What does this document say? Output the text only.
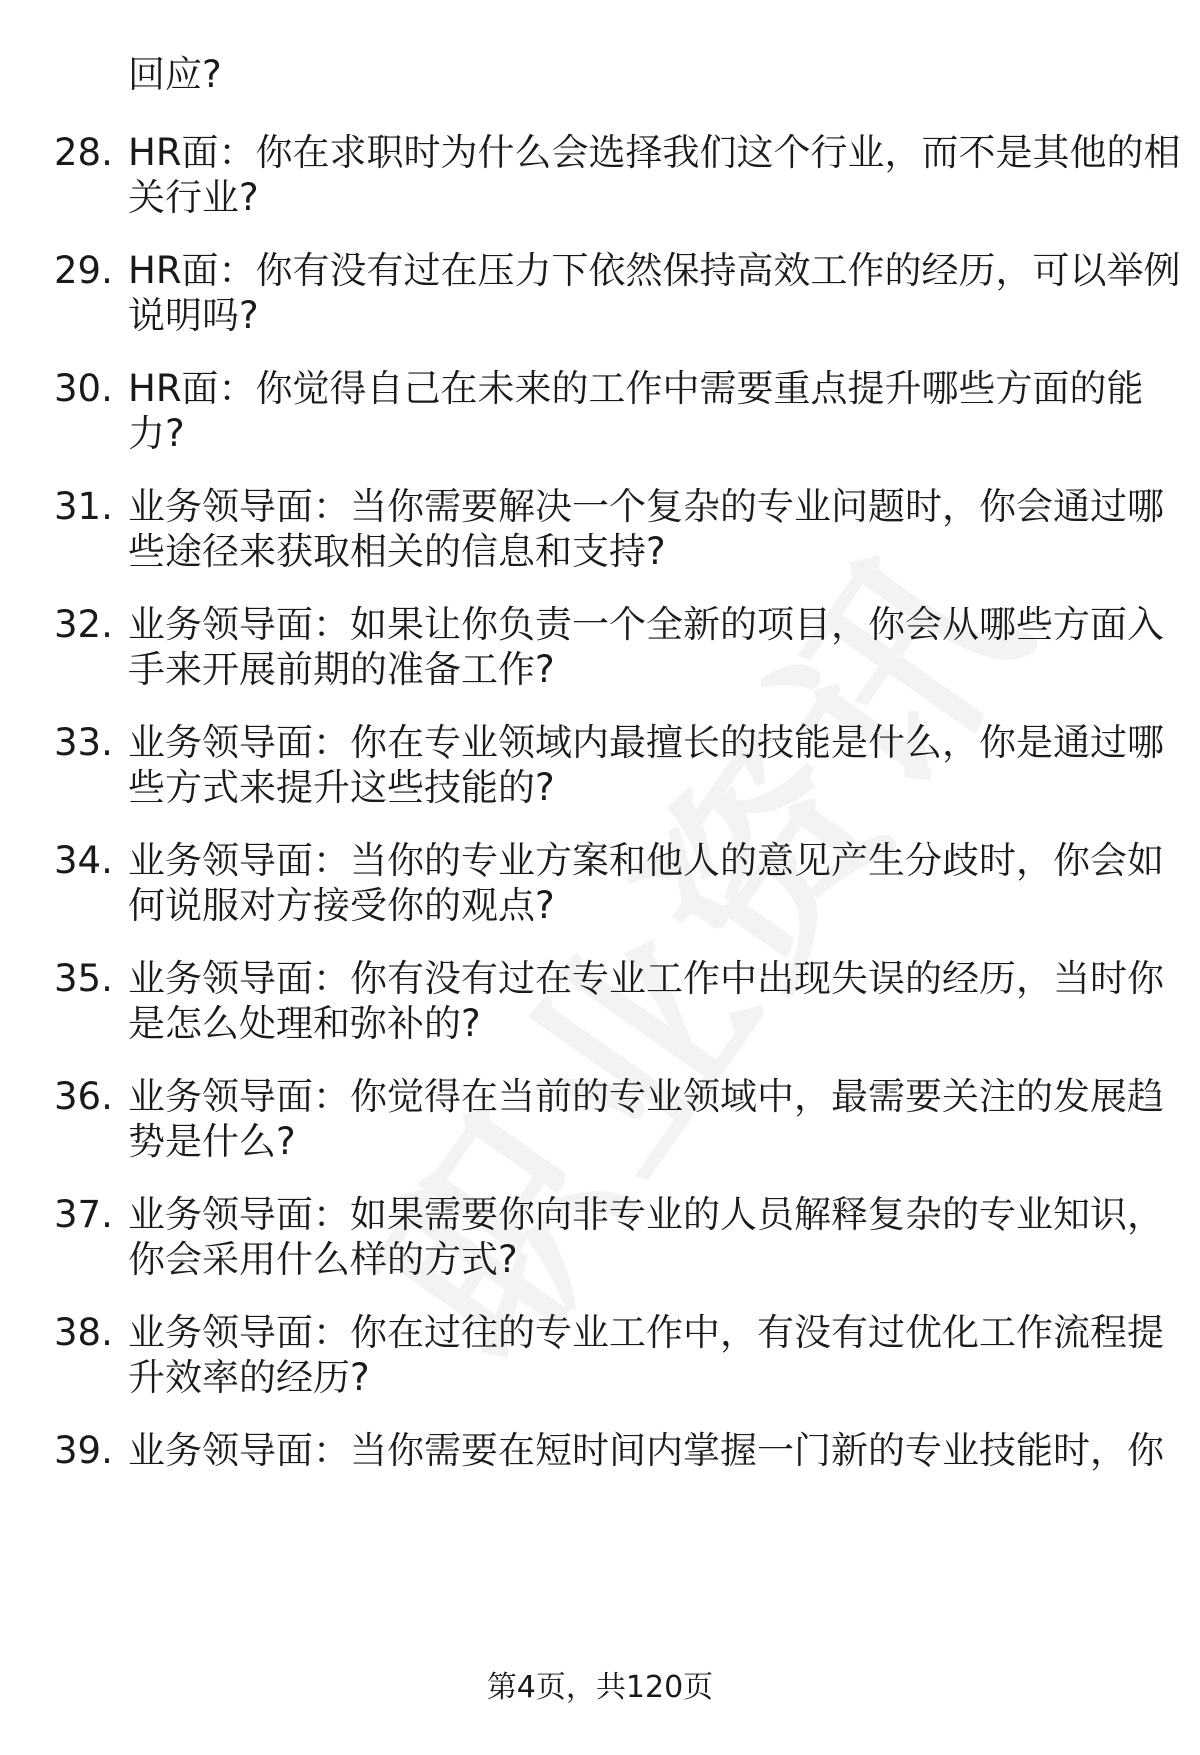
回应?
28. HR面：你在求职时为什么会选择我们这个行业，而不是其他的相
关行业?
29. HR面：你有没有过在压力下依然保持高效工作的经历，可以举例
说明吗?
30. HR面：你觉得自己在未来的工作中需要重点提升哪些方面的能
力?
31. 业务领导面：当你需要解决一个复杂的专业问题时，你会通过哪
些途径来获取相关的信息和支持?
32. 业务领导面：如果让你负责一个全新的项目，你会从哪些方面入
手来开展前期的准备工作?
33. 业务领导面：你在专业领域内最擅长的技能是什么，你是通过哪
些方式来提升这些技能的?
34. 业务领导面：当你的专业方案和他人的意见产生分歧时，你会如
何说服对方接受你的观点?
35. 业务领导面：你有没有过在专业工作中出现失误的经历，当时你
是怎么处理和弥补的?
36. 业务领导面：你觉得在当前的专业领域中，最需要关注的发展趋
势是什么?
37. 业务领导面：如果需要你向非专业的人员解释复杂的专业知识，
你会采用什么样的方式?
38. 业务领导面：你在过往的专业工作中，有没有过优化工作流程提
升效率的经历?
39. 业务领导面：当你需要在短时间内掌握一门新的专业技能时，你
第4页，共120页
